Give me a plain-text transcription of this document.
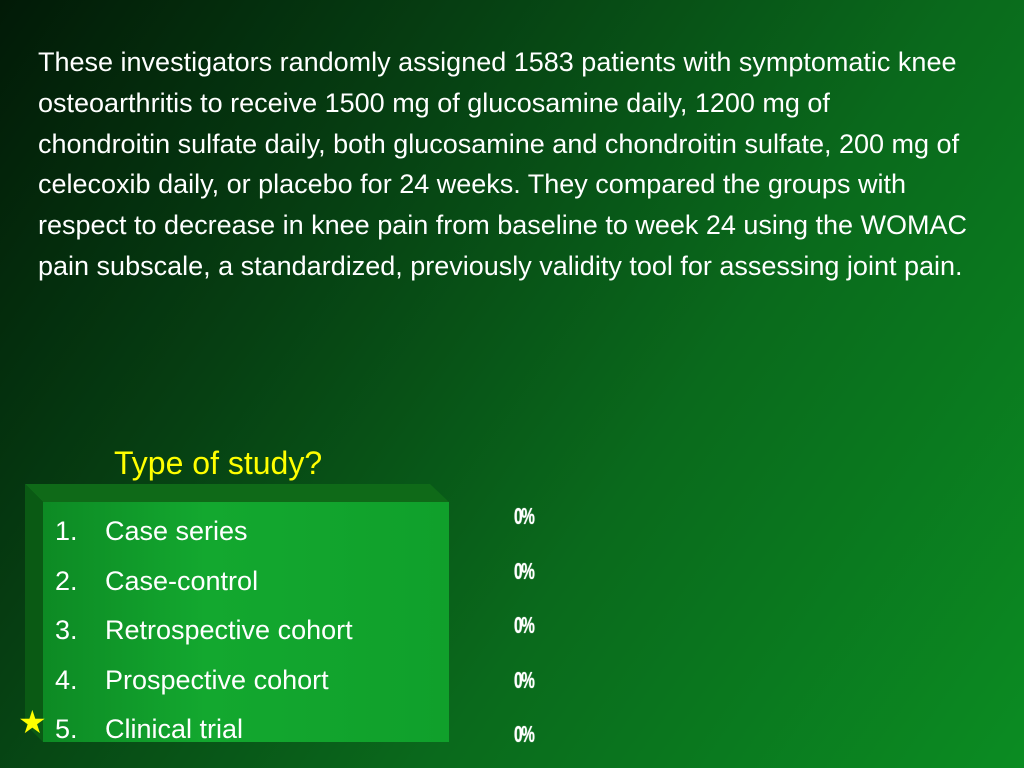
These investigators randomly assigned 1583 patients with symptomatic knee osteoarthritis to receive 1500 mg of glucosamine daily, 1200 mg of chondroitin sulfate daily, both glucosamine and chondroitin sulfate, 200 mg of celecoxib daily, or placebo for 24 weeks. They compared the groups with respect to decrease in knee pain from baseline to week 24 using the WOMAC pain subscale, a standardized, previously validity tool for assessing joint pain.

Type of study?

1. Case series
2. Case-control
3. Retrospective cohort
4. Prospective cohort
5. Clinical trial
★
0%
0%
0%
0%
0%
